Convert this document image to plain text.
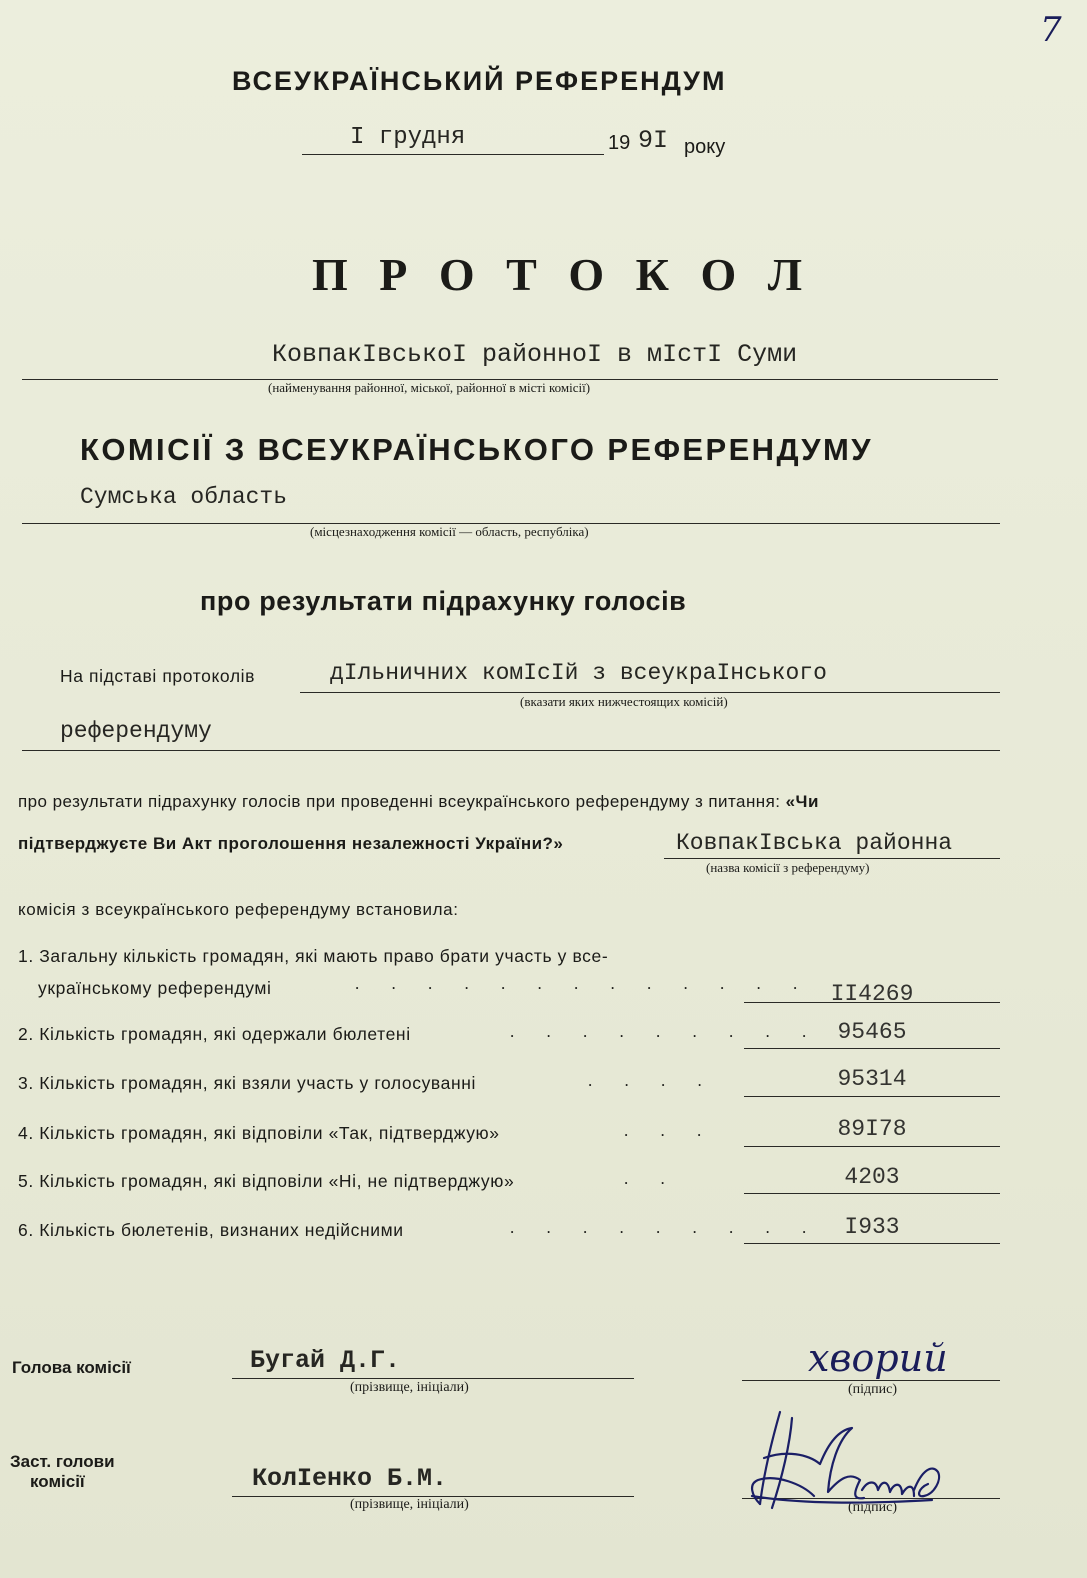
7
ВСЕУКРАЇНСЬКИЙ РЕФЕРЕНДУМ
I грудня	19 9I року
П Р О Т О К О Л
КовпакIвськоI районноI в мIстI Суми
(найменування районної, міської, районної в місті комісії)
КОМІСІЇ З ВСЕУКРАЇНСЬКОГО РЕФЕРЕНДУМУ
Сумська область
(місцезнаходження комісії — область, республіка)
про результати підрахунку голосів
На підставі протоколів	дIльничних комIсIй з всеукраIнського
(вказати яких нижчестоящих комісій)
референдуму
про результати підрахунку голосів при проведенні всеукраїнського референдуму з питання: «Чи
підтверджуєте Ви Акт проголошення незалежності України?»	КовпакIвська районна
(назва комісії з референдуму)
комісія з всеукраїнського референдуму встановила:
1. Загальну кількість громадян, які мають право брати участь у все-
українському референдумі	. . . . . . . . . . . . . II4269
2. Кількість громадян, які одержали бюлетені	. . . . . . . . . 95465
3. Кількість громадян, які взяли участь у голосуванні	. . . .	95314
4. Кількість громадян, які відповіли «Так, підтверджую»	. . .	89I78
5. Кількість громадян, які відповіли «Ні, не підтверджую»	. .	4203
6. Кількість бюлетенів, визнаних недійсними	. . . . . . . . .	I933
Голова комісії	Бугай Д.Г.
(прізвище, ініціали)
хворий
(підпис)
Заст. голови
комісії	КолIенко Б.М.
(прізвище, ініціали)	(підпис)
